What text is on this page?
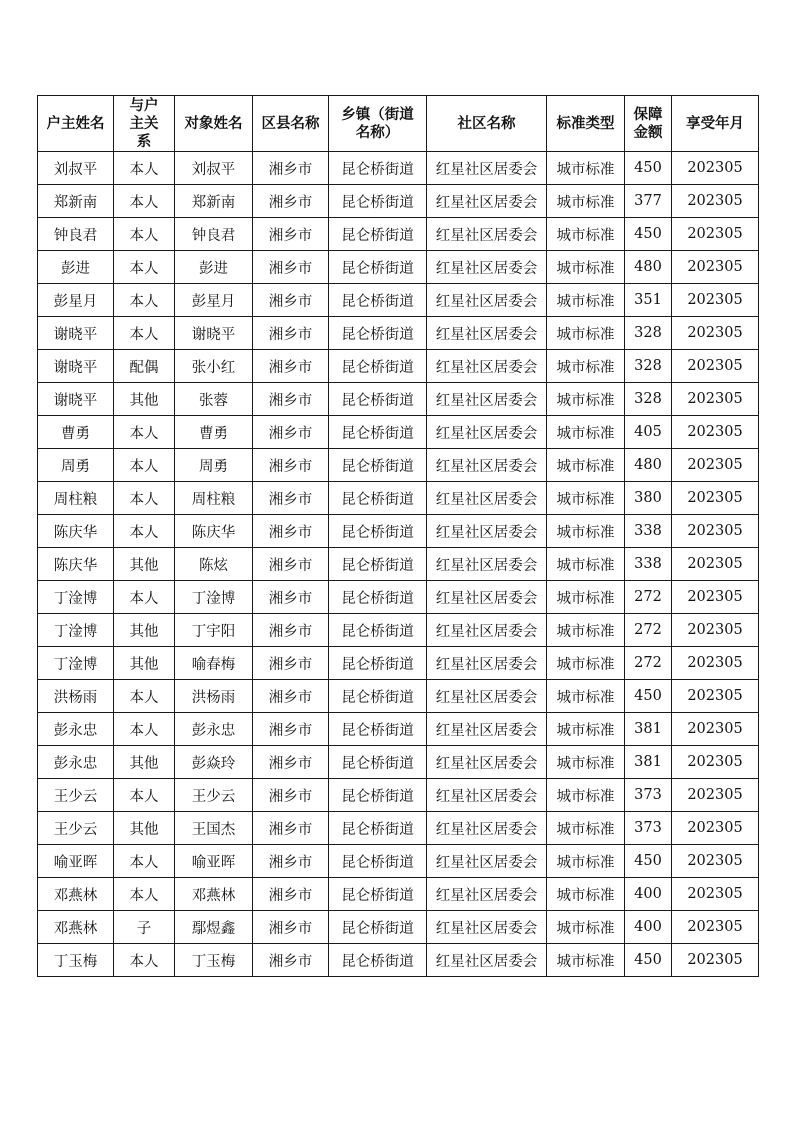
户主姓名	与户主关系	对象姓名	区县名称	乡镇（街道名称）	社区名称	标准类型	保障金额	享受年月
刘叔平	本人	刘叔平	湘乡市	昆仑桥街道	红星社区居委会	城市标准	450	202305
郑新南	本人	郑新南	湘乡市	昆仑桥街道	红星社区居委会	城市标准	377	202305
钟良君	本人	钟良君	湘乡市	昆仑桥街道	红星社区居委会	城市标准	450	202305
彭进	本人	彭进	湘乡市	昆仑桥街道	红星社区居委会	城市标准	480	202305
彭星月	本人	彭星月	湘乡市	昆仑桥街道	红星社区居委会	城市标准	351	202305
谢晓平	本人	谢晓平	湘乡市	昆仑桥街道	红星社区居委会	城市标准	328	202305
谢晓平	配偶	张小红	湘乡市	昆仑桥街道	红星社区居委会	城市标准	328	202305
谢晓平	其他	张蓉	湘乡市	昆仑桥街道	红星社区居委会	城市标准	328	202305
曹勇	本人	曹勇	湘乡市	昆仑桥街道	红星社区居委会	城市标准	405	202305
周勇	本人	周勇	湘乡市	昆仑桥街道	红星社区居委会	城市标准	480	202305
周柱粮	本人	周柱粮	湘乡市	昆仑桥街道	红星社区居委会	城市标准	380	202305
陈庆华	本人	陈庆华	湘乡市	昆仑桥街道	红星社区居委会	城市标准	338	202305
陈庆华	其他	陈炫	湘乡市	昆仑桥街道	红星社区居委会	城市标准	338	202305
丁淦博	本人	丁淦博	湘乡市	昆仑桥街道	红星社区居委会	城市标准	272	202305
丁淦博	其他	丁宇阳	湘乡市	昆仑桥街道	红星社区居委会	城市标准	272	202305
丁淦博	其他	喻春梅	湘乡市	昆仑桥街道	红星社区居委会	城市标准	272	202305
洪杨雨	本人	洪杨雨	湘乡市	昆仑桥街道	红星社区居委会	城市标准	450	202305
彭永忠	本人	彭永忠	湘乡市	昆仑桥街道	红星社区居委会	城市标准	381	202305
彭永忠	其他	彭焱玲	湘乡市	昆仑桥街道	红星社区居委会	城市标准	381	202305
王少云	本人	王少云	湘乡市	昆仑桥街道	红星社区居委会	城市标准	373	202305
王少云	其他	王国杰	湘乡市	昆仑桥街道	红星社区居委会	城市标准	373	202305
喻亚晖	本人	喻亚晖	湘乡市	昆仑桥街道	红星社区居委会	城市标准	450	202305
邓燕林	本人	邓燕林	湘乡市	昆仑桥街道	红星社区居委会	城市标准	400	202305
邓燕林	子	鄢煜鑫	湘乡市	昆仑桥街道	红星社区居委会	城市标准	400	202305
丁玉梅	本人	丁玉梅	湘乡市	昆仑桥街道	红星社区居委会	城市标准	450	202305
